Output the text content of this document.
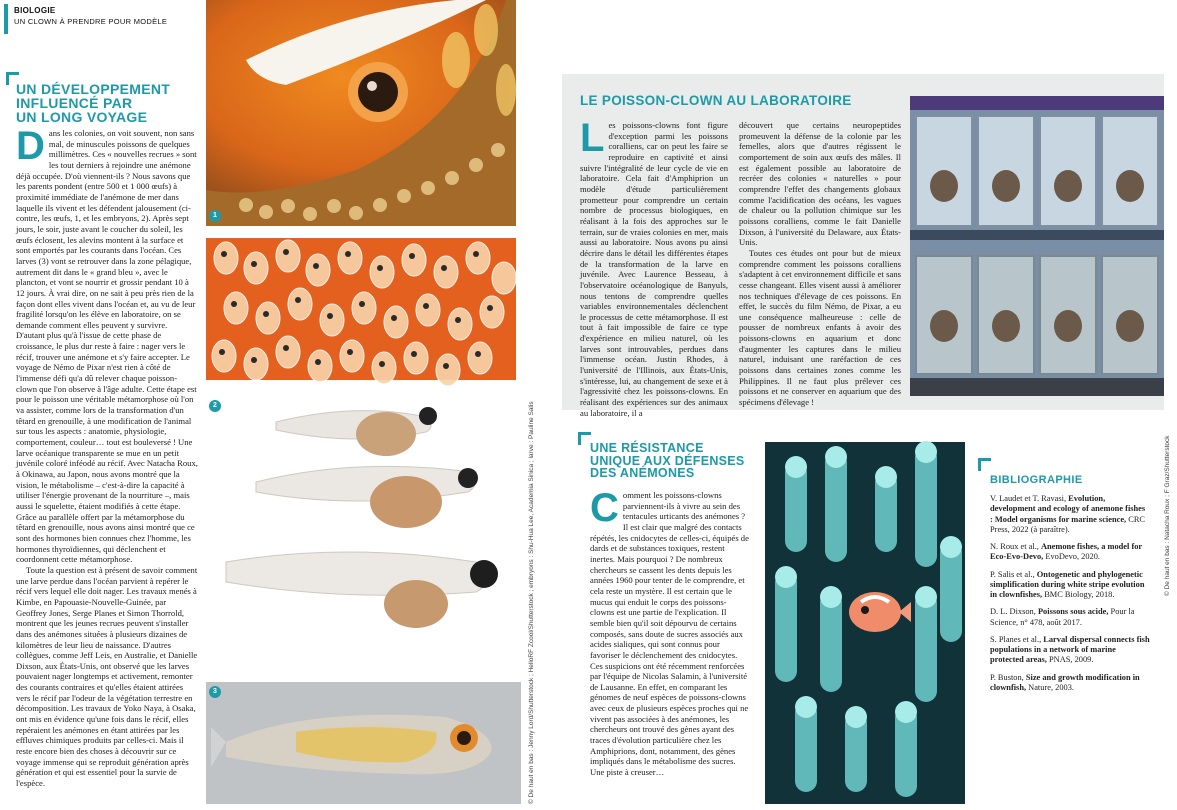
BIOLOGIE
UN CLOWN À PRENDRE POUR MODÈLE
UN DÉVELOPPEMENT
INFLUENCÉ PAR
UN LONG VOYAGE

Dans les colonies, on voit souvent, non sans mal, de minuscules poissons de quelques millimètres. Ces « nouvelles recrues » sont les tout derniers à rejoindre une anémone déjà occupée. D'où viennent-ils ? Nous savons que les parents pondent (entre 500 et 1 000 œufs) à proximité immédiate de l'anémone de mer dans laquelle ils vivent et les défendent jalousement (ci-contre, les œufs, 1, et les embryons, 2). Après sept jours, le soir, juste avant le coucher du soleil, les œufs éclosent, les alevins montent à la surface et sont emportés par les courants dans l'océan. Ces larves (3) vont se retrouver dans la zone pélagique, autrement dit dans le « grand bleu », avec le plancton, et vont se nourrir et grossir pendant 10 à 12 jours. À vrai dire, on ne sait à peu près rien de la façon dont elles vivent dans l'océan et, au vu de leur fragilité lorsqu'on les élève en laboratoire, on se demande comment elles peuvent y survivre. D'autant plus qu'à l'issue de cette phase de croissance, le plus dur reste à faire : nager vers le récif, trouver une anémone et s'y faire accepter. Le voyage de Némo de Pixar n'est rien à côté de l'immense défi qu'a dû relever chaque poisson-clown que l'on observe à l'âge adulte. Cette étape est pour le poisson une véritable métamorphose où l'on va assister, comme lors de la transformation d'un têtard en grenouille, à une modification de l'animal sur tous les aspects : anatomie, physiologie, comportement, couleur… tout est bouleversé ! Une larve océanique transparente se mue en un petit juvénile coloré inféodé au récif. Avec Natacha Roux, à Okinawa, au Japon, nous avons montré que la vision, le métabolisme – c'est-à-dire la capacité à utiliser l'énergie provenant de la nourriture –, mais aussi le squelette, étaient modifiés à cette étape. Grâce au parallèle offert par la métamorphose du têtard en grenouille, nous avons ainsi montré que ce sont des hormones bien connues chez l'homme, les hormones thyroïdiennes, qui déclenchent et coordonnent cette métamorphose.

Toute la question est à présent de savoir comment une larve perdue dans l'océan parvient à repérer le récif vers lequel elle doit nager. Les travaux menés à Kimbe, en Papouasie-Nouvelle-Guinée, par Geoffrey Jones, Serge Planes et Simon Thorrold, montrent que les jeunes recrues peuvent s'installer dans des anémones situées à plusieurs dizaines de kilomètres de leur lieu de naissance. D'autres collègues, comme Jeff Leis, en Australie, et Danielle Dixson, aux États-Unis, ont observé que les larves pouvaient nager longtemps et activement, remonter des courants contraires et qu'elles étaient attirées vers le récif par l'odeur de la végétation terrestre en décomposition. Les travaux de Yoko Naya, à Osaka, ont mis en évidence qu'une fois dans le récif, elles repéraient les anémones en étant attirées par les effluves chimiques produits par celles-ci. Mais il reste encore bien des choses à découvrir sur ce voyage immense qui se reproduit génération après génération et qui est essentiel pour la survie de l'espèce.

1
2
3	© De haut en bas : Jenny Lord/Shutterstock ; HelloRF Zcool/Shutterstock ; embryons : Shu-Hua Lee, Academia Sinica ; larve : Pauline Salis	© De haut en bas : Natacha Roux ; F Graz/Shutterstock
LE POISSON-CLOWN AU LABORATOIRE

Les poissons-clowns font figure d'exception parmi les poissons coralliens, car on peut les faire se reproduire en captivité et ainsi suivre l'intégralité de leur cycle de vie en laboratoire. Cela fait d'Amphiprion un modèle d'étude particulièrement prometteur pour comprendre un certain nombre de processus biologiques, en réalisant à la fois des approches sur le terrain, sur de vraies colonies en mer, mais aussi au laboratoire. Nous avons pu ainsi décrire dans le détail les différentes étapes de la transformation de la larve en juvénile. Avec Laurence Besseau, à l'observatoire océanologique de Banyuls, nous tentons de comprendre quelles variables environnementales déclenchent le processus de cette métamorphose. Il est tout à fait impossible de faire ce type d'expérience en milieu naturel, où les larves sont introuvables, perdues dans l'immense océan. Justin Rhodes, à l'université de l'Illinois, aux États-Unis, s'intéresse, lui, au changement de sexe et à l'agressivité chez les poissons-clowns. En réalisant des expériences sur des animaux au laboratoire, il a

découvert que certains neuropeptides promeuvent la défense de la colonie par les femelles, alors que d'autres régissent le comportement de soin aux œufs des mâles. Il est également possible au laboratoire de recréer des colonies « naturelles » pour comprendre l'effet des changements globaux comme l'acidification des océans, les vagues de chaleur ou la pollution chimique sur les poissons coralliens, comme le fait Danielle Dixson, à l'université du Delaware, aux États-Unis.

Toutes ces études ont pour but de mieux comprendre comment les poissons coralliens s'adaptent à cet environnement difficile et sans cesse changeant. Elles visent aussi à améliorer nos techniques d'élevage de ces poissons. En effet, le succès du film Némo, de Pixar, a eu une conséquence malheureuse : celle de pousser de nombreux enfants à avoir des poissons-clowns en aquarium et donc d'augmenter les captures dans le milieu naturel, induisant une raréfaction de ces poissons dans certaines zones comme les Philippines. Il ne faut plus prélever ces poissons et ne conserver en aquarium que des spécimens d'élevage !

UNE RÉSISTANCE
UNIQUE AUX DÉFENSES
DES ANÉMONES

Comment les poissons-clowns parviennent-ils à vivre au sein des tentacules urticants des anémones ? Il est clair que malgré des contacts répétés, les cnidocytes de celles-ci, équipés de dards et de substances toxiques, restent inertes. Mais pourquoi ? De nombreux chercheurs se cassent les dents depuis les années 1960 pour tenter de le comprendre, et cela reste un mystère. Il est certain que le mucus qui enduit le corps des poissons-clowns est une partie de l'explication. Il semble bien qu'il soit dépourvu de certains composés, sans doute de sucres associés aux acides sialiques, qui sont connus pour favoriser le déclenchement des cnidocytes. Ces suspicions ont été récemment renforcées par l'équipe de Nicolas Salamin, à l'université de Lausanne. En effet, en comparant les génomes de neuf espèces de poissons-clowns avec ceux de plusieurs espèces proches qui ne vivent pas associées à des anémones, les chercheurs ont trouvé des gènes ayant des traces d'évolution particulière chez les Amphiprions, dont, notamment, des gènes impliqués dans le métabolisme des sucres. Une piste à creuser…

BIBLIOGRAPHIE
V. Laudet et T. Ravasi, Evolution, development and ecology of anemone fishes : Model organisms for marine science, CRC Press, 2022 (à paraître).
N. Roux et al., Anemone fishes, a model for Eco-Evo-Devo, EvoDevo, 2020.
P. Salis et al., Ontogenetic and phylogenetic simplification during white stripe evolution in clownfishes, BMC Biology, 2018.
D. L. Dixson, Poissons sous acide, Pour la Science, n° 478, août 2017.
S. Planes et al., Larval dispersal connects fish populations in a network of marine protected areas, PNAS, 2009.
P. Buston, Size and growth modification in clownfish, Nature, 2003.
